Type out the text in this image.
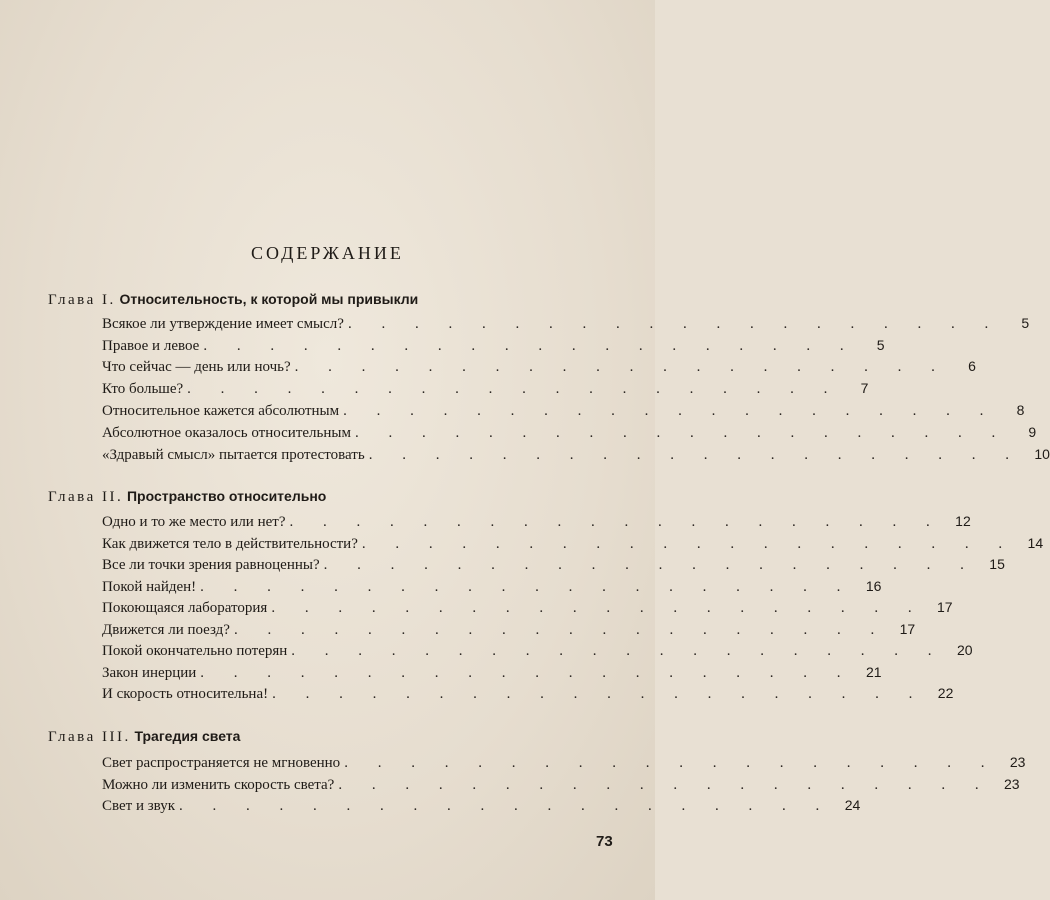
СОДЕРЖАНИЕ
Глава I. Относительность, к которой мы привыкли
Всякое ли утверждение имеет смысл? . . . . . . . . . . . . . . . . . . . .	5
Правое и левое . . . . . . . . . . . . . . . . . . . .	5
Что сейчас — день или ночь? . . . . . . . . . . . . . . . . . . . .	6
Кто больше? . . . . . . . . . . . . . . . . . . . .	7
Относительное кажется абсолютным . . . . . . . . . . . . . . . . . . . .	8
Абсолютное оказалось относительным . . . . . . . . . . . . . . . . . . . .	9
«Здравый смысл» пытается протестовать . . . . . . . . . . . . . . . . . . . . 10
Глава II. Пространство относительно
Одно и то же место или нет? . . . . . . . . . . . . . . . . . . . . 12
Как движется тело в действительности? . . . . . . . . . . . . . . . . . . . . 14
Все ли точки зрения равноценны? . . . . . . . . . . . . . . . . . . . . 15
Покой найден! . . . . . . . . . . . . . . . . . . . . 16
Покоющаяся лаборатория . . . . . . . . . . . . . . . . . . . . 17
Движется ли поезд? . . . . . . . . . . . . . . . . . . . . 17
Покой окончательно потерян . . . . . . . . . . . . . . . . . . . . 20
Закон инерции . . . . . . . . . . . . . . . . . . . . 21
И скорость относительна! . . . . . . . . . . . . . . . . . . . . 22
Глава III. Трагедия света
Свет распространяется не мгновенно . . . . . . . . . . . . . . . . . . . . 23
Можно ли изменить скорость света? . . . . . . . . . . . . . . . . . . . . 23
Свет и звук . . . . . . . . . . . . . . . . . . . . 24
73
